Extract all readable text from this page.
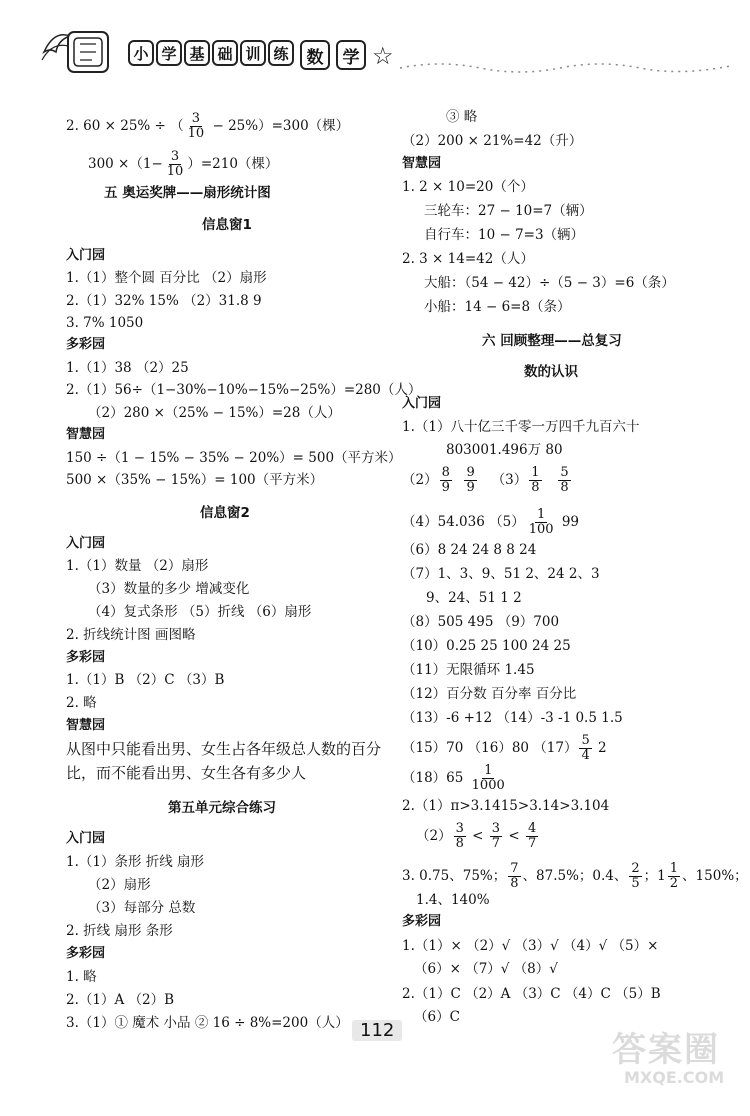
小 学 基 础 训 练	数	学 ☆
2. 60 × 25% ÷ （ $\frac{3}{10} - 25\%)=300$（棵）
$300 \times(1- \frac{3}{10} )=210$（棵）
五 奥运奖牌——扇形统计图
信息窗1
入门园
1.（1）整个圆 百分比 （2）扇形
2.（1）32% 15% （2）31.8 9
3. 7% 1050
多彩园
1.（1）38 （2）25
2.（1）56÷（1−30%−10%−15%−25%）=280（人）
（2）280 ×（25% − 15%）=28（人）
智慧园
150 ÷（1 − 15% − 35% − 20%）= 500（平方米）
500 ×（35% − 15%）= 100（平方米）
信息窗2
入门园
1.（1）数量 （2）扇形
（3）数量的多少 增减变化
（4）复式条形 （5）折线 （6）扇形
2. 折线统计图 画图略
多彩园
1.（1）B （2）C （3）B
2. 略
智慧园
从图中只能看出男、女生占各年级总人数的百分
比，而不能看出男、女生各有多少人
第五单元综合练习
入门园
1.（1）条形 折线 扇形
（2）扇形
（3）每部分 总数
2. 折线 扇形 条形
多彩园
1. 略
2.（1）A （2）B
3.（1）① 魔术 小品 ② 16 ÷ 8%=200（人）
③ 略
（2）200 × 21%=42（升）
智慧园
1. 2 × 10=20（个）
三轮车：27 − 10=7（辆）
自行车：10 − 7=3（辆）
2. 3 × 14=42（人）
大船：（54 − 42）÷（5 − 3）=6（条）
小船：14 − 6=8（条）
六 回顾整理——总复习
数的认识
入门园
1.（1）八十亿三千零一万四千九百六十
803001.496万 80
$(2) \frac{8}{9}$
$\frac{9}{9} (3) \frac{1}{8}$
$\frac{5}{8}$
（4）54.036 $(5) \frac{1}{100} 99$
（6）8 24 24 8 8 24
（7）1、3、9、51 2、24 2、3
9、24、51 1 2
（8）505 495 （9）700
（10）0.25 25 100 24 25
（11）无限循环 1.45
（12）百分数 百分率 百分比
（13）-6 +12 （14）-3 -1 0.5 1.5
（15）70 （16）80 $(17) \frac{5}{4} 2$
$(18)65 \frac{1}{1000}$
2.（1）π>3.1415>3.14>3.104
$(2) \frac{3}{8} < \frac{3}{7} < \frac{4}{7}$
3. 0.75、75%； $\frac{7}{8}$ 、87.5%；0.4、 $\frac{2}{5}$ ；$1 \frac{1}{2}$ 、150%；
1.4、140%
多彩园
1.（1）× （2）√ （3）√ （4）√ （5）×
（6）× （7）√ （8）√
2.（1）C （2）A （3）C （4）C （5）B
（6）C
112	答案圈
MXQE.COM
